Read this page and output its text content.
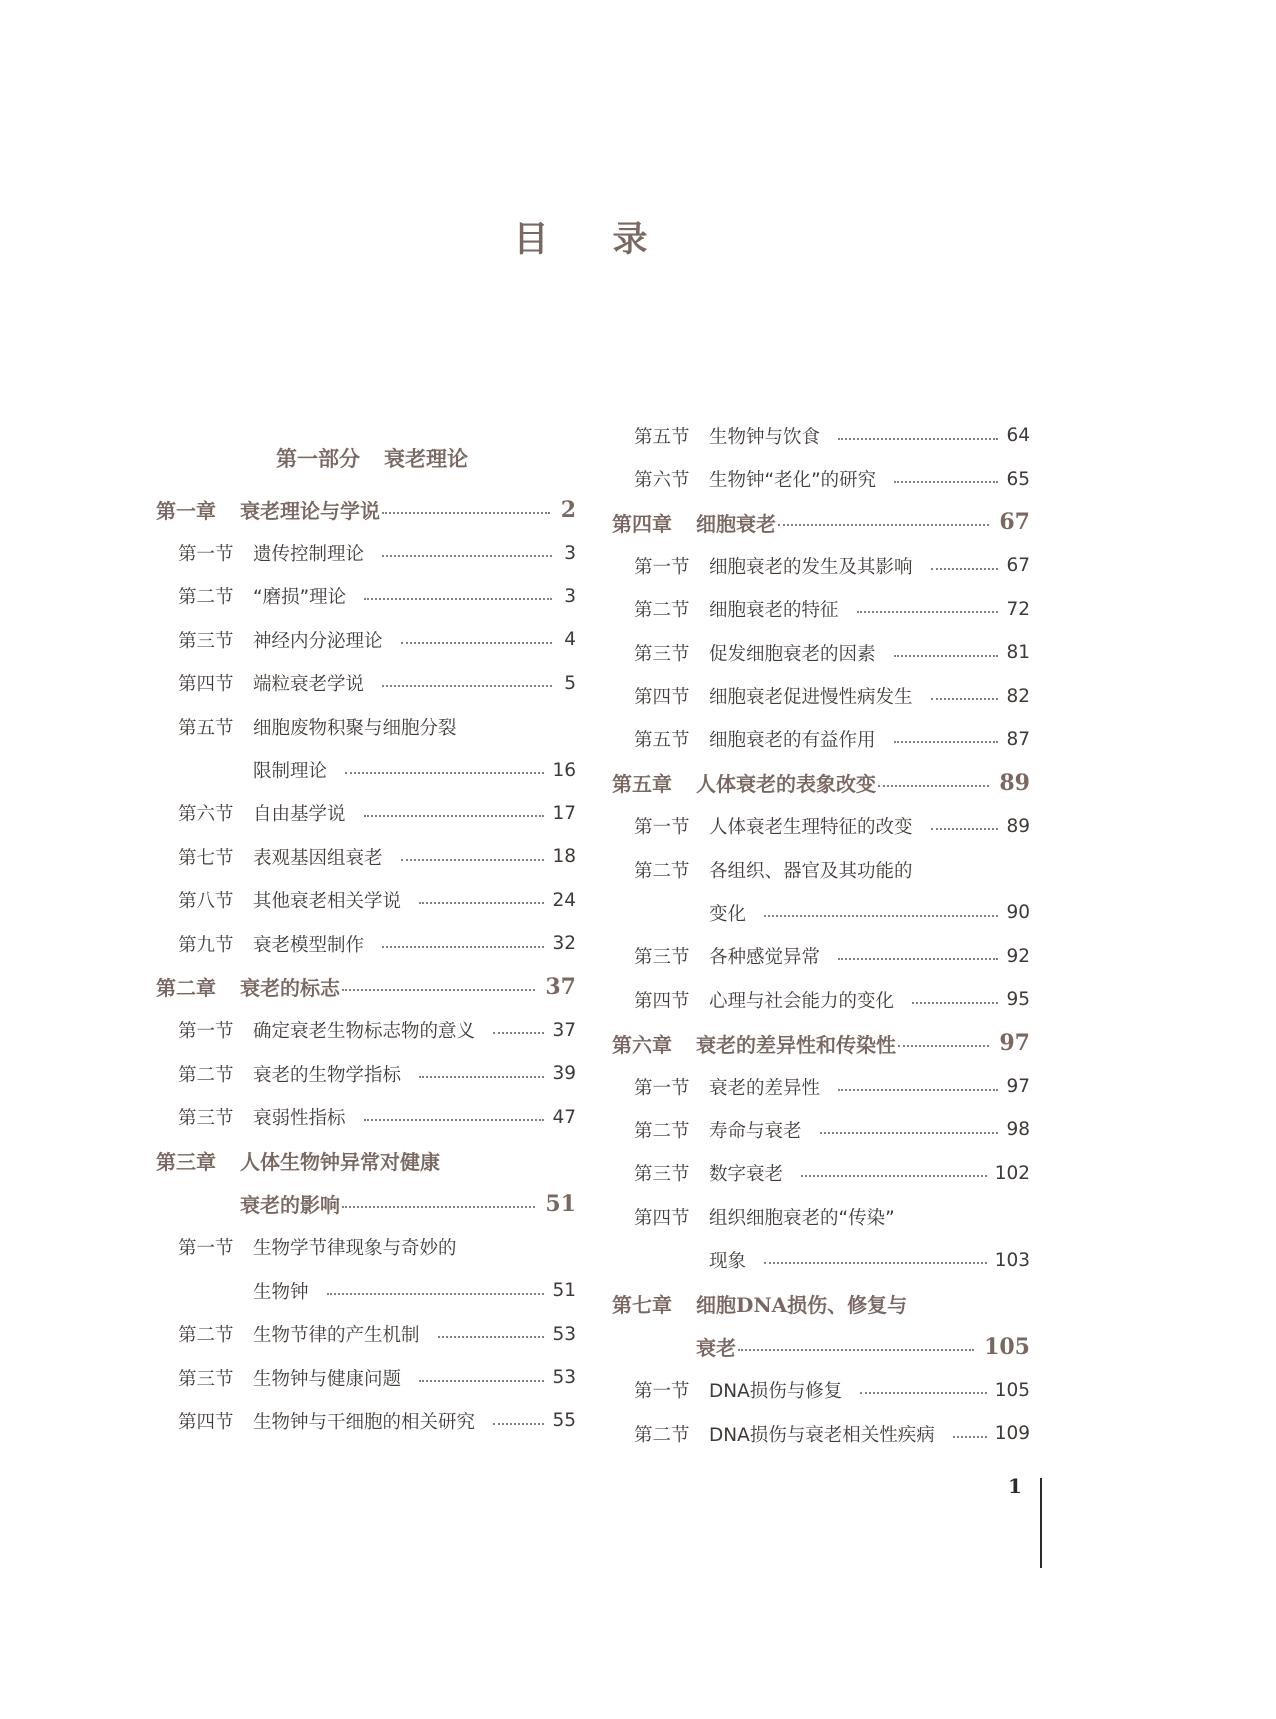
目 录
第一部分 衰老理论
第一章	衰老理论与学说	2
第一节	遗传控制理论	3
第二节	“磨损”理论	3
第三节	神经内分泌理论	4
第四节	端粒衰老学说	5
第五节	细胞废物积聚与细胞分裂
限制理论	16
第六节	自由基学说	17
第七节	表观基因组衰老	18
第八节	其他衰老相关学说	24
第九节	衰老模型制作	32
第二章	衰老的标志	37
第一节	确定衰老生物标志物的意义	37
第二节	衰老的生物学指标	39
第三节	衰弱性指标	47
第三章	人体生物钟异常对健康
衰老的影响	51
第一节	生物学节律现象与奇妙的
生物钟	51
第二节	生物节律的产生机制	53
第三节	生物钟与健康问题	53
第四节	生物钟与干细胞的相关研究	55
第五节	生物钟与饮食	64
第六节	生物钟“老化”的研究	65
第四章	细胞衰老	67
第一节	细胞衰老的发生及其影响	67
第二节	细胞衰老的特征	72
第三节	促发细胞衰老的因素	81
第四节	细胞衰老促进慢性病发生	82
第五节	细胞衰老的有益作用	87
第五章	人体衰老的表象改变	89
第一节	人体衰老生理特征的改变	89
第二节	各组织、器官及其功能的
变化	90
第三节	各种感觉异常	92
第四节	心理与社会能力的变化	95
第六章	衰老的差异性和传染性	97
第一节	衰老的差异性	97
第二节	寿命与衰老	98
第三节	数字衰老	102
第四节	组织细胞衰老的“传染”
现象	103
第七章	细胞DNA损伤、修复与
衰老	105
第一节	DNA损伤与修复	105
第二节	DNA损伤与衰老相关性疾病	109
1
